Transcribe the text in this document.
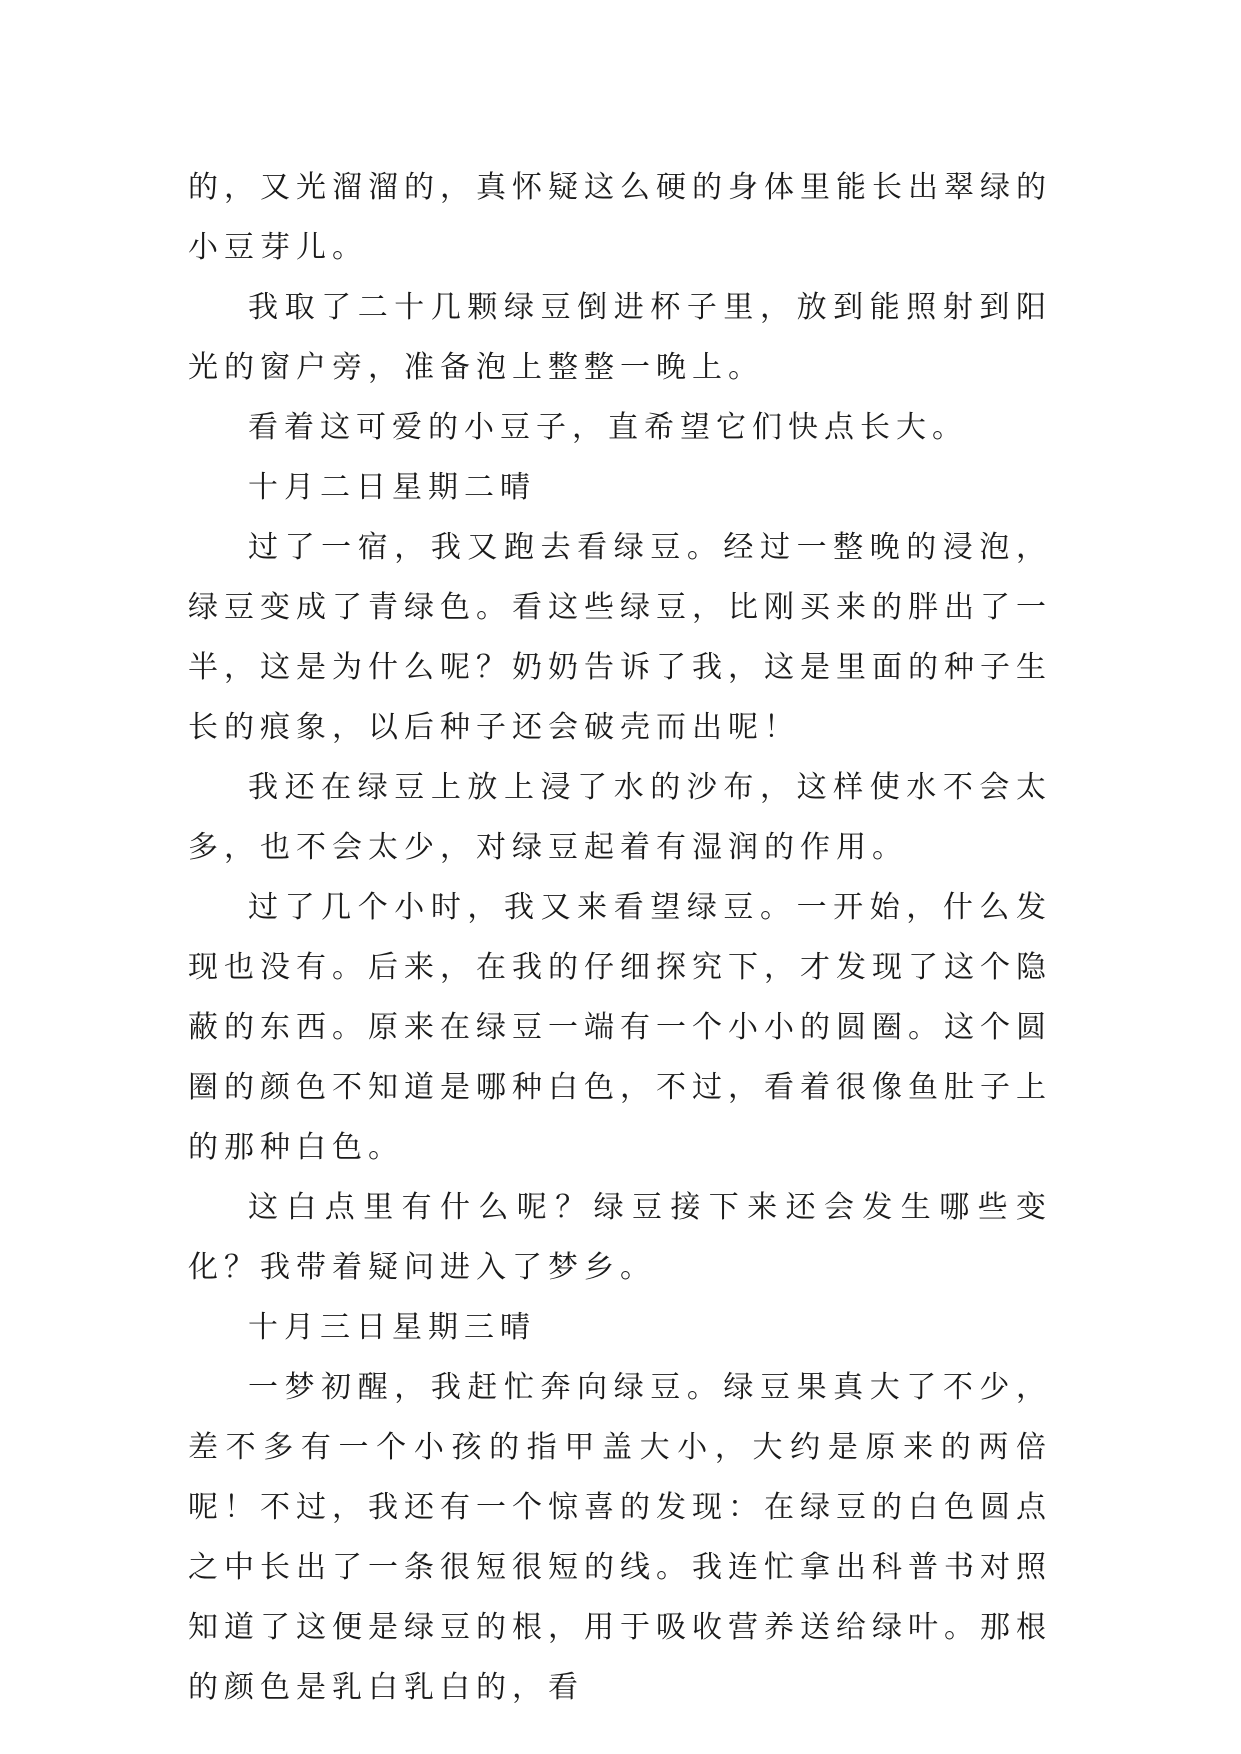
的，又光溜溜的，真怀疑这么硬的身体里能长出翠绿的小豆芽儿。

我取了二十几颗绿豆倒进杯子里，放到能照射到阳光的窗户旁，准备泡上整整一晚上。

看着这可爱的小豆子，直希望它们快点长大。

十月二日星期二晴

过了一宿，我又跑去看绿豆。经过一整晚的浸泡，绿豆变成了青绿色。看这些绿豆，比刚买来的胖出了一半，这是为什么呢？奶奶告诉了我，这是里面的种子生长的痕象，以后种子还会破壳而出呢！

我还在绿豆上放上浸了水的沙布，这样使水不会太多，也不会太少，对绿豆起着有湿润的作用。

过了几个小时，我又来看望绿豆。一开始，什么发现也没有。后来，在我的仔细探究下，才发现了这个隐蔽的东西。原来在绿豆一端有一个小小的圆圈。这个圆圈的颜色不知道是哪种白色，不过，看着很像鱼肚子上的那种白色。

这白点里有什么呢？绿豆接下来还会发生哪些变化？我带着疑问进入了梦乡。

十月三日星期三晴

一梦初醒，我赶忙奔向绿豆。绿豆果真大了不少，差不多有一个小孩的指甲盖大小，大约是原来的两倍呢！不过，我还有一个惊喜的发现：在绿豆的白色圆点之中长出了一条很短很短的线。我连忙拿出科普书对照知道了这便是绿豆的根，用于吸收营养送给绿叶。那根的颜色是乳白乳白的，看
